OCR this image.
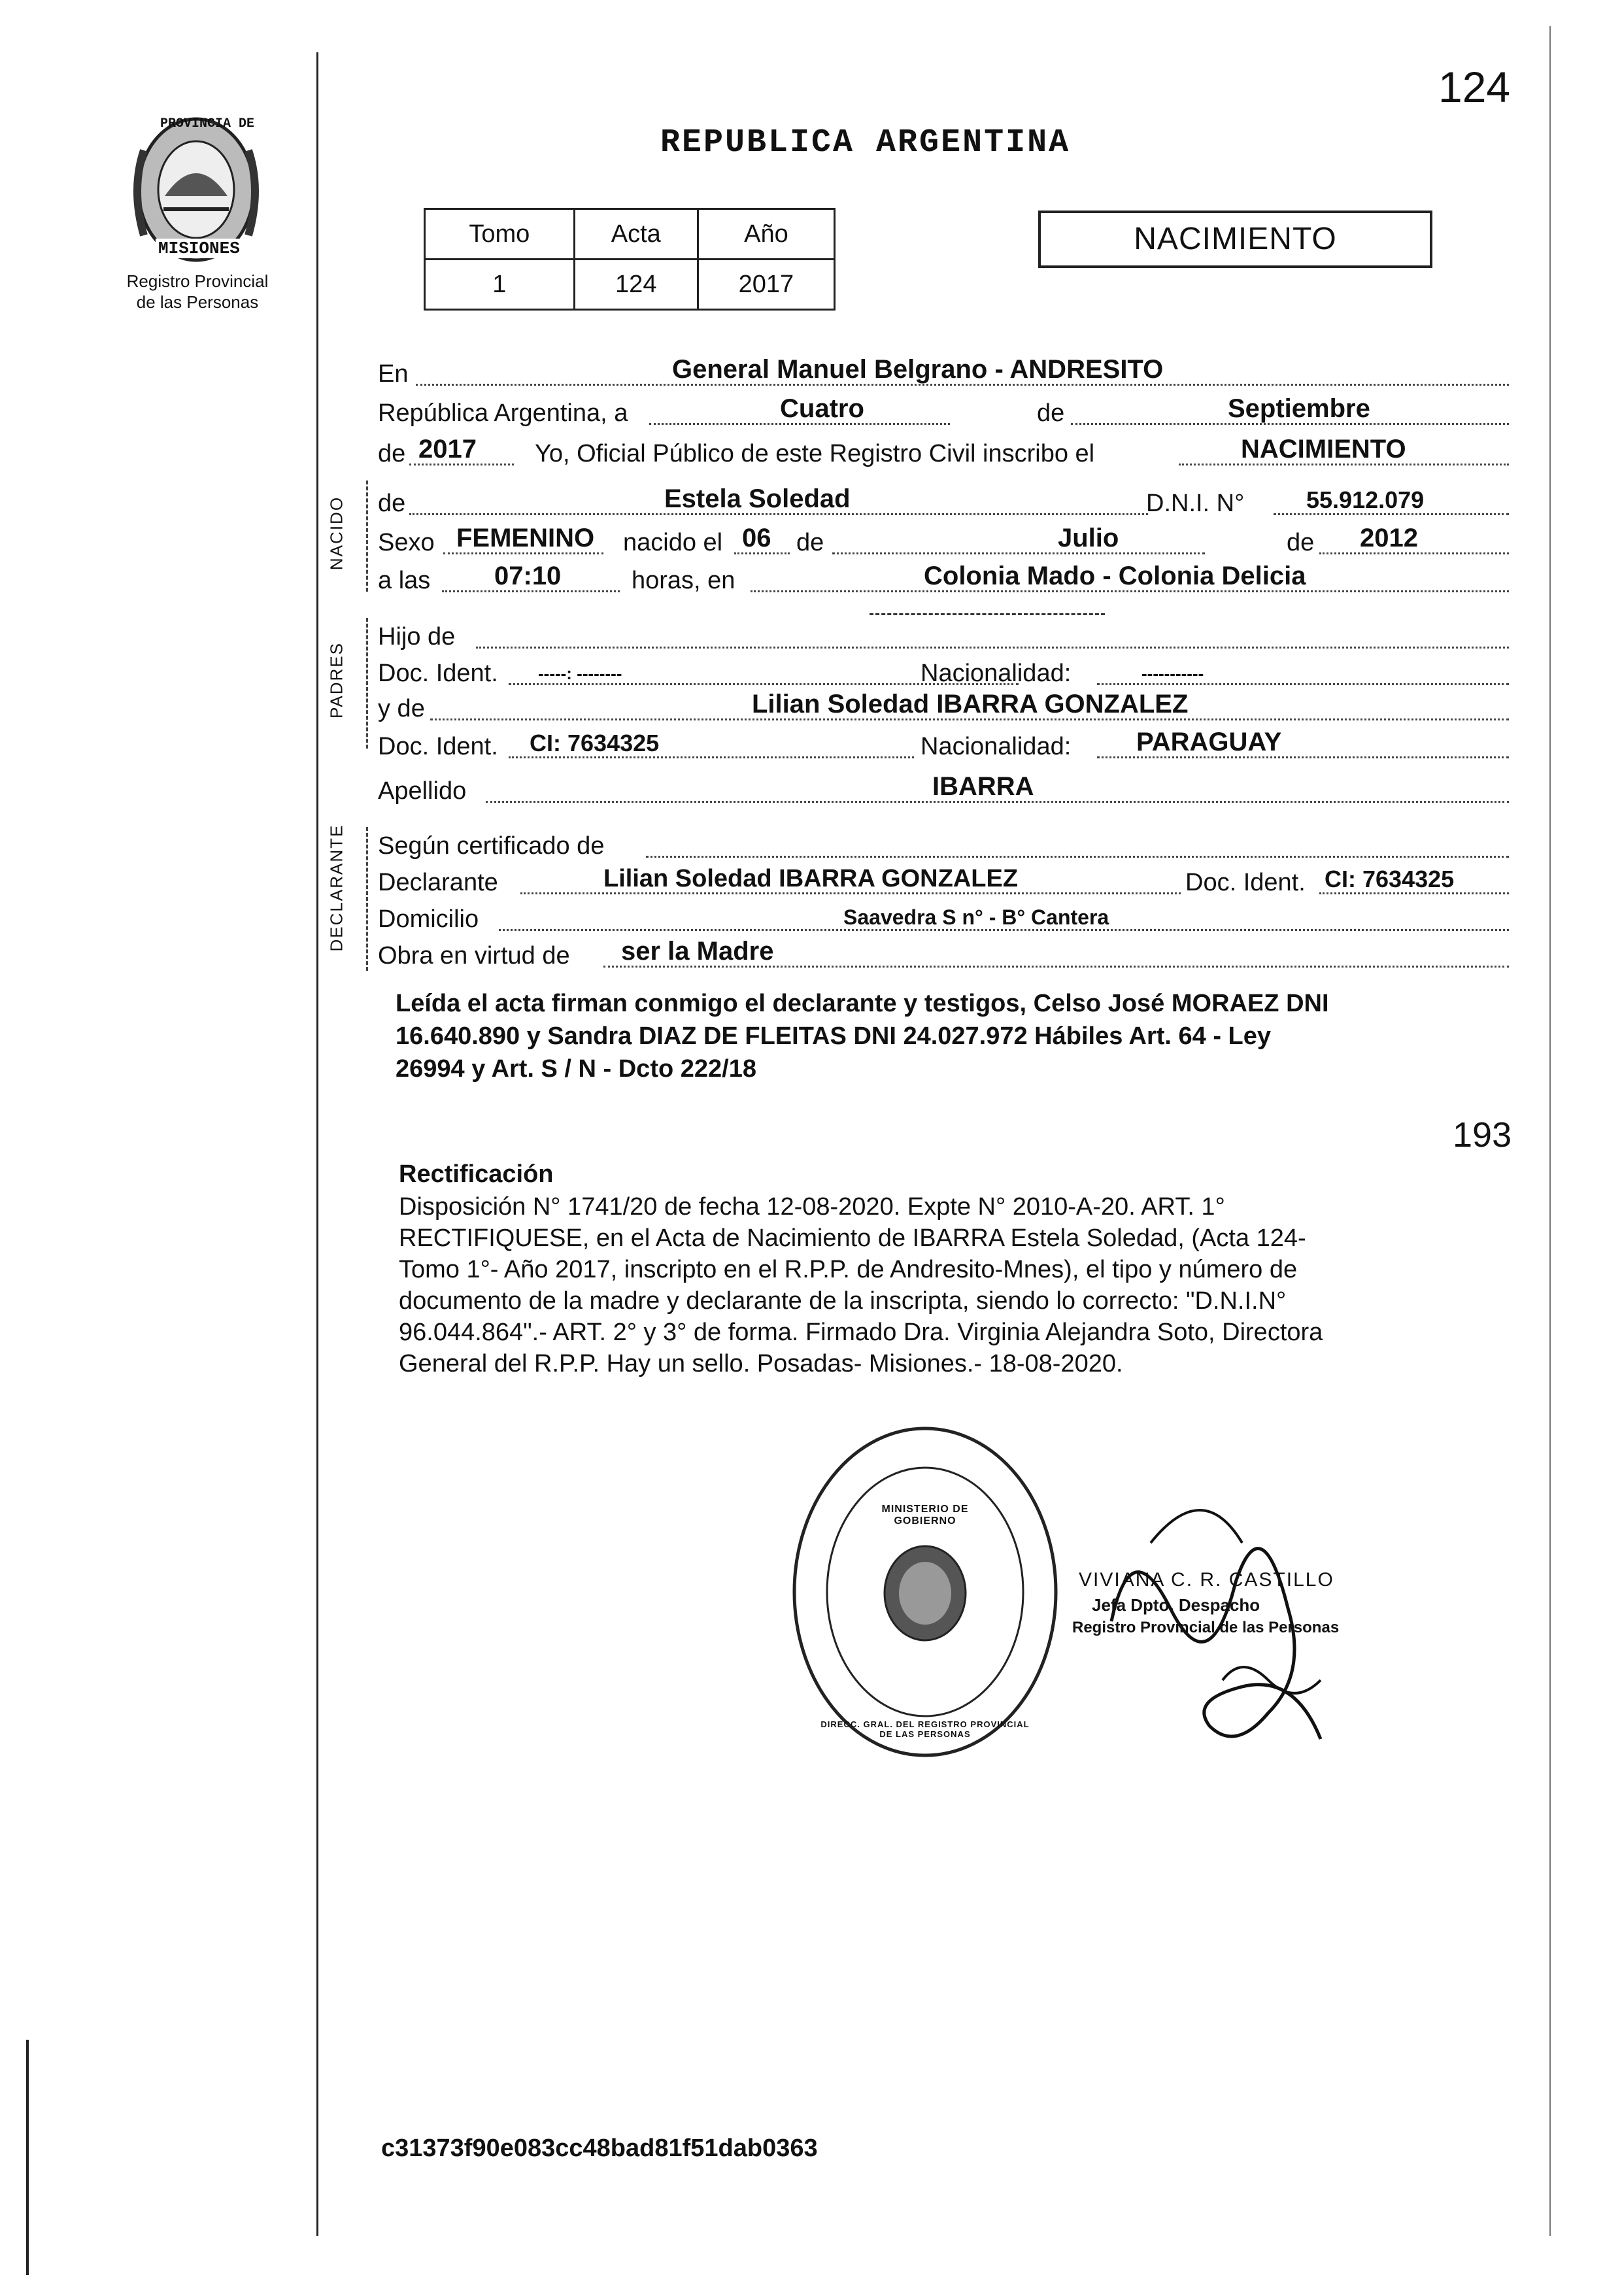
124
193
PROVINCIA DE
MISIONES
Registro Provincial
de las Personas
REPUBLICA ARGENTINA
Tomo	Acta	Año
1	124	2017
NACIMIENTO
NACIDO
PADRES
DECLARANTE
En	General Manuel Belgrano - ANDRESITO
República Argentina, a	Cuatro	de	Septiembre
de 2017 Yo, Oficial Público de este Registro Civil inscribo el	NACIMIENTO
de	Estela Soledad	D.N.I. N°	55.912.079
Sexo FEMENINO nacido el 06 de	Julio	de 2012
a las 07:10	horas, en	Colonia Mado - Colonia Delicia
Hijo de
Doc. Ident. -----: --------	Nacionalidad:	-----------
y de	Lilian Soledad IBARRA GONZALEZ
Doc. Ident. CI: 7634325	Nacionalidad: PARAGUAY
Apellido	IBARRA
Según certificado de
Declarante	Lilian Soledad IBARRA GONZALEZ	Doc. Ident. CI: 7634325
Domicilio	Saavedra S n° - B° Cantera
Obra en virtud de ser la Madre
Leída el acta firman conmigo el declarante y testigos, Celso José MORAEZ DNI
16.640.890 y Sandra DIAZ DE FLEITAS DNI 24.027.972 Hábiles Art. 64 - Ley
26994 y Art. S / N - Dcto 222/18
Rectificación
Disposición N° 1741/20 de fecha 12-08-2020. Expte N° 2010-A-20. ART. 1°
RECTIFIQUESE, en el Acta de Nacimiento de IBARRA Estela Soledad, (Acta 124-
Tomo 1°- Año 2017, inscripto en el R.P.P. de Andresito-Mnes), el tipo y número de
documento de la madre y declarante de la inscripta, siendo lo correcto: "D.N.I.N°
96.044.864".- ART. 2° y 3° de forma. Firmado Dra. Virginia Alejandra Soto, Directora
General del R.P.P. Hay un sello. Posadas- Misiones.- 18-08-2020.
DIRECC. GRAL. DEL REGISTRO PROVINCIAL DE LAS PERSONAS
MINISTERIO DE GOBIERNO
VIVIANA C. R. CASTILLO
Jefa Dpto. Despacho
Registro Provincial de las Personas
c31373f90e083cc48bad81f51dab0363
